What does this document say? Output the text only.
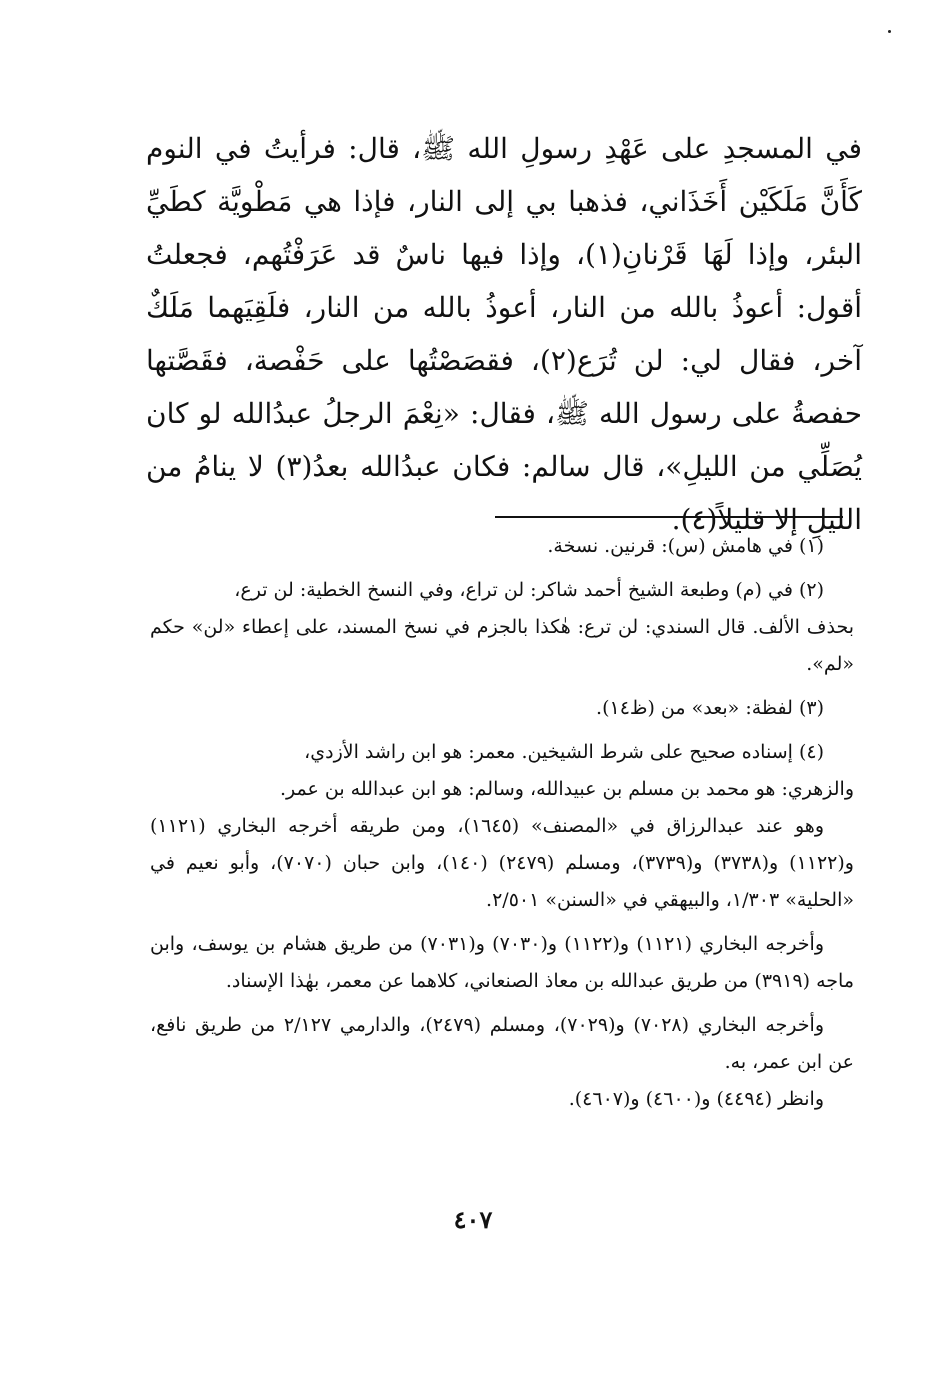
في المسجدِ على عَهْدِ رسولِ الله ﷺ، قال: فرأيتُ في النوم كَأَنَّ مَلَكَيْن أَخَذَاني، فذهبا بي إلى النار، فإذا هي مَطْويَّة كطَيِّ البئر، وإذا لَهَا قَرْنانِ(١)، وإذا فيها ناسٌ قد عَرَفْتُهم، فجعلتُ أقول: أعوذُ بالله من النار، أعوذُ بالله من النار، فلَقِيَهما مَلَكٌ آخر، فقال لي: لن تُرَع(٢)، فقصَصْتُها على حَفْصة، فقَصَّتها حفصةُ على رسول الله ﷺ، فقال: «نِعْمَ الرجلُ عبدُالله لو كان يُصَلِّي من الليلِ»، قال سالم: فكان عبدُالله بعدُ(٣) لا ينامُ من الليلِ إلا قليلاً(٤).

(١) في هامش (س): قرنين. نسخة.

(٢) في (م) وطبعة الشيخ أحمد شاكر: لن تراع، وفي النسخ الخطية: لن ترع،

بحذف الألف. قال السندي: لن ترع: هٰكذا بالجزم في نسخ المسند، على إعطاء «لن» حكم «لم».

(٣) لفظة: «بعد» من (ظ١٤).

(٤) إسناده صحيح على شرط الشيخين. معمر: هو ابن راشد الأزدي،

والزهري: هو محمد بن مسلم بن عبيدالله، وسالم: هو ابن عبدالله بن عمر.

وهو عند عبدالرزاق في «المصنف» (١٦٤٥)، ومن طريقه أخرجه البخاري (١١٢١) و(١١٢٢) و(٣٧٣٨) و(٣٧٣٩)، ومسلم (٢٤٧٩) (١٤٠)، وابن حبان (٧٠٧٠)، وأبو نعيم في «الحلية» ١/٣٠٣، والبيهقي في «السنن» ٢/٥٠١.

وأخرجه البخاري (١١٢١) و(١١٢٢) و(٧٠٣٠) و(٧٠٣١) من طريق هشام بن يوسف، وابن ماجه (٣٩١٩) من طريق عبدالله بن معاذ الصنعاني، كلاهما عن معمر، بهٰذا الإسناد.

وأخرجه البخاري (٧٠٢٨) و(٧٠٢٩)، ومسلم (٢٤٧٩)، والدارمي ٢/١٢٧ من طريق نافع، عن ابن عمر، به.

وانظر (٤٤٩٤) و(٤٦٠٠) و(٤٦٠٧).

٤٠٧
